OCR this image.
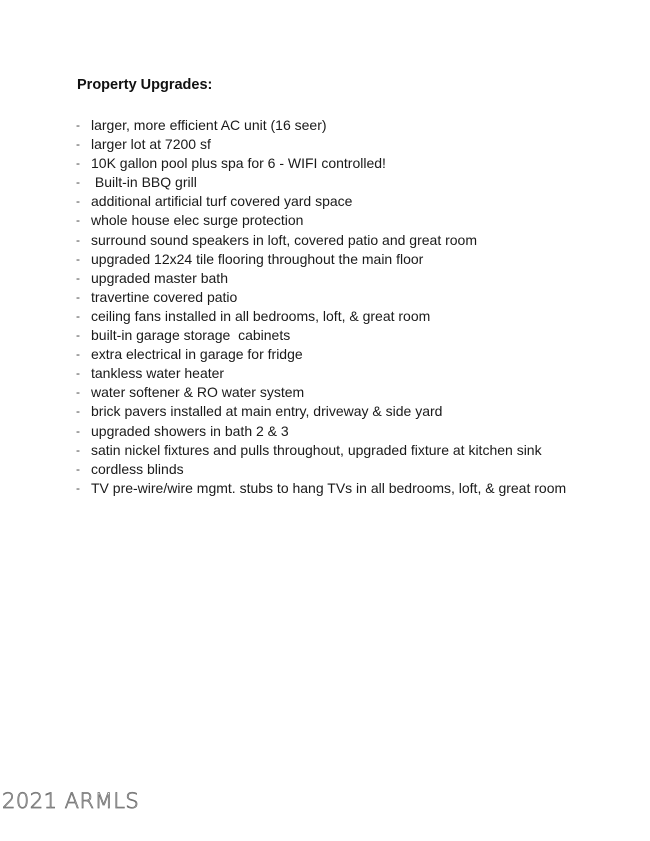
Property Upgrades:
- larger, more efficient AC unit (16 seer)
- larger lot at 7200 sf
- 10K gallon pool plus spa for 6 - WIFI controlled!
- Built-in BBQ grill
- additional artificial turf covered yard space
- whole house elec surge protection
- surround sound speakers in loft, covered patio and great room
- upgraded 12x24 tile flooring throughout the main floor
- upgraded master bath
- travertine covered patio
- ceiling fans installed in all bedrooms, loft, & great room
- built-in garage storage  cabinets
- extra electrical in garage for fridge
- tankless water heater
- water softener & RO water system
- brick pavers installed at main entry, driveway & side yard
- upgraded showers in bath 2 & 3
- satin nickel fixtures and pulls throughout, upgraded fixture at kitchen sink
- cordless blinds
- TV pre-wire/wire mgmt. stubs to hang TVs in all bedrooms, loft, & great room

2021 ARMLS
